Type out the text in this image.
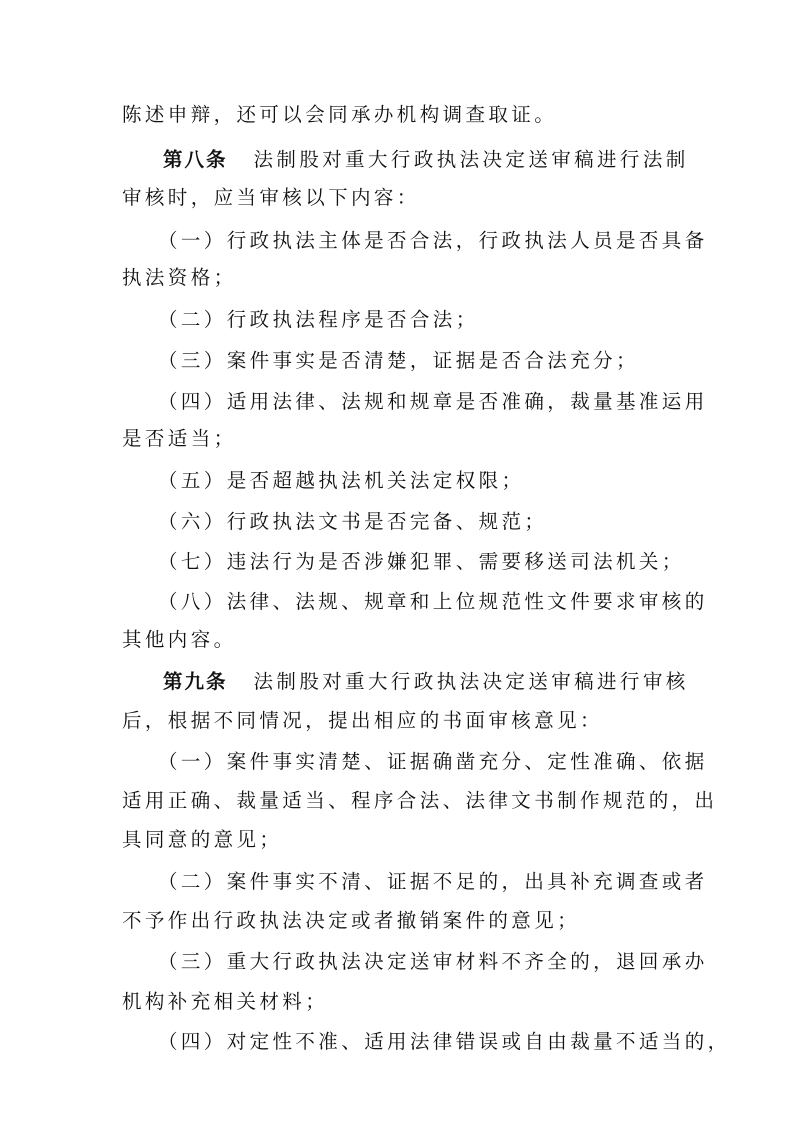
陈述申辩，还可以会同承办机构调查取证。
第八条 法制股对重大行政执法决定送审稿进行法制
审核时，应当审核以下内容：
（一）行政执法主体是否合法，行政执法人员是否具备
执法资格；
（二）行政执法程序是否合法；
（三）案件事实是否清楚，证据是否合法充分；
（四）适用法律、法规和规章是否准确，裁量基准运用
是否适当；
（五）是否超越执法机关法定权限；
（六）行政执法文书是否完备、规范；
（七）违法行为是否涉嫌犯罪、需要移送司法机关；
（八）法律、法规、规章和上位规范性文件要求审核的
其他内容。
第九条 法制股对重大行政执法决定送审稿进行审核
后，根据不同情况，提出相应的书面审核意见：
（一）案件事实清楚、证据确凿充分、定性准确、依据
适用正确、裁量适当、程序合法、法律文书制作规范的，出
具同意的意见；
（二）案件事实不清、证据不足的，出具补充调查或者
不予作出行政执法决定或者撤销案件的意见；
（三）重大行政执法决定送审材料不齐全的，退回承办
机构补充相关材料；
（四）对定性不准、适用法律错误或自由裁量不适当的，
